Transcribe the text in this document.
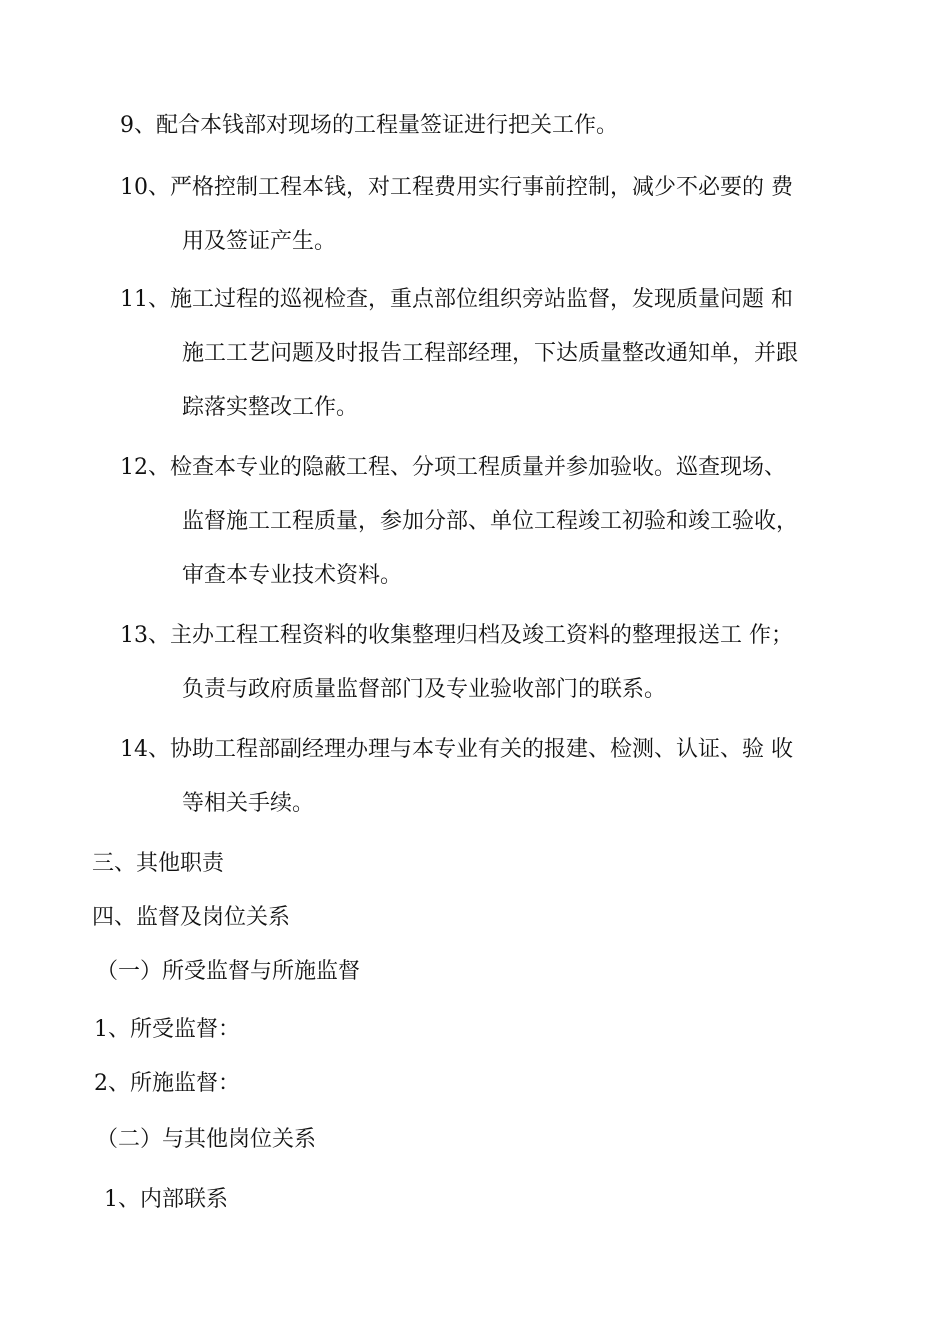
9、配合本钱部对现场的工程量签证进行把关工作。
10、严格控制工程本钱，对工程费用实行事前控制，减少不必要的 费
用及签证产生。
11、施工过程的巡视检查，重点部位组织旁站监督，发现质量问题 和
施工工艺问题及时报告工程部经理，下达质量整改通知单，并跟
踪落实整改工作。
12、检查本专业的隐蔽工程、分项工程质量并参加验收。巡查现场、
监督施工工程质量，参加分部、单位工程竣工初验和竣工验收，
审查本专业技术资料。
13、主办工程工程资料的收集整理归档及竣工资料的整理报送工 作；
负责与政府质量监督部门及专业验收部门的联系。
14、协助工程部副经理办理与本专业有关的报建、检测、认证、验 收
等相关手续。
三、其他职责
四、监督及岗位关系
（一）所受监督与所施监督
1、所受监督：
2、所施监督：
（二）与其他岗位关系
1、内部联系
